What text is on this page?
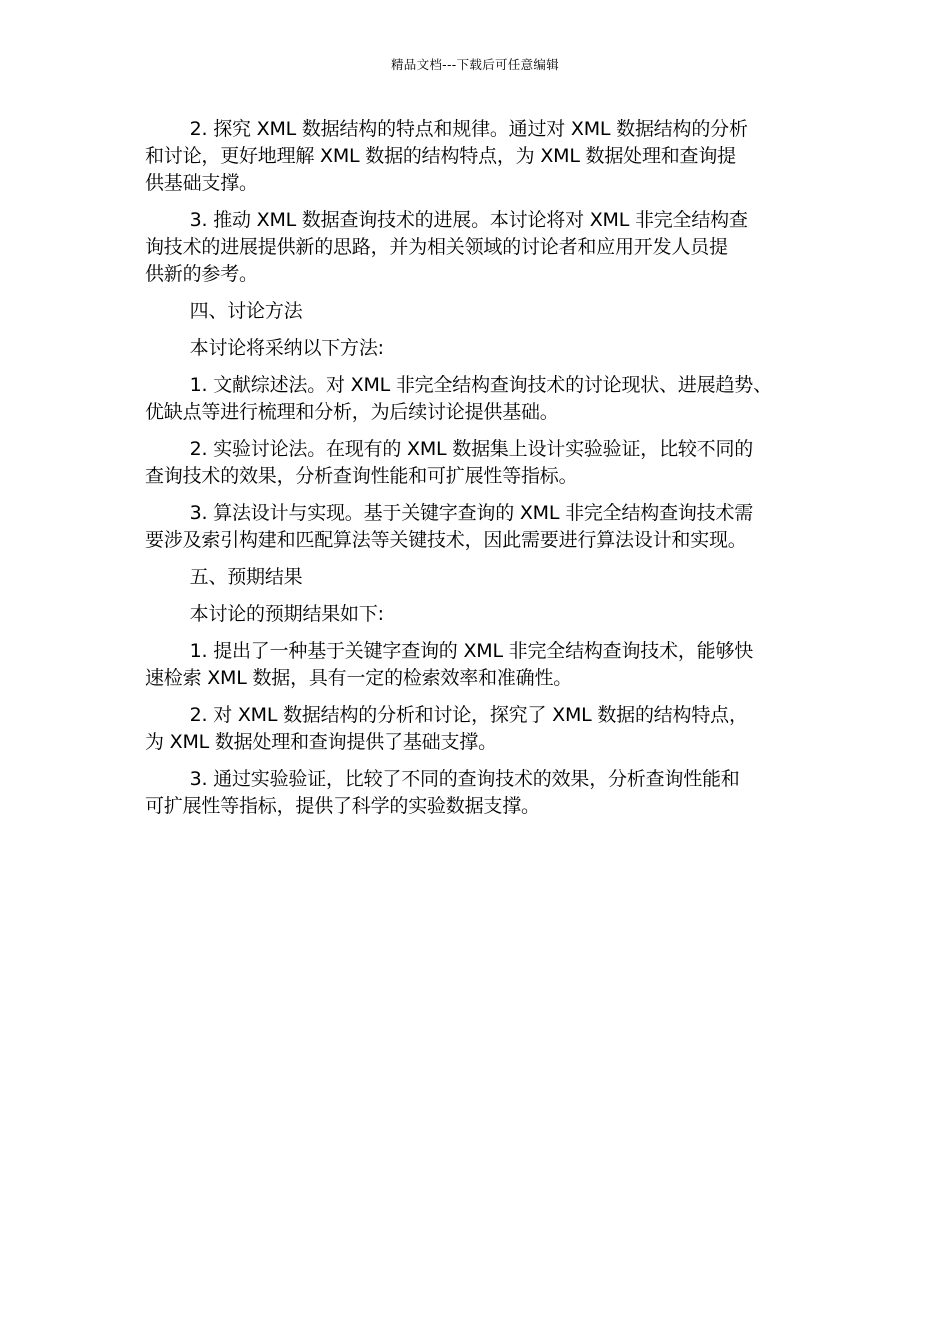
精品文档---下载后可任意编辑

2. 探究 XML 数据结构的特点和规律。通过对 XML 数据结构的分析
和讨论，更好地理解 XML 数据的结构特点，为 XML 数据处理和查询提
供基础支撑。

3. 推动 XML 数据查询技术的进展。本讨论将对 XML 非完全结构查
询技术的进展提供新的思路，并为相关领域的讨论者和应用开发人员提
供新的参考。

四、讨论方法

本讨论将采纳以下方法:

1. 文献综述法。对 XML 非完全结构查询技术的讨论现状、进展趋势、
优缺点等进行梳理和分析，为后续讨论提供基础。

2. 实验讨论法。在现有的 XML 数据集上设计实验验证，比较不同的
查询技术的效果，分析查询性能和可扩展性等指标。

3. 算法设计与实现。基于关键字查询的 XML 非完全结构查询技术需
要涉及索引构建和匹配算法等关键技术，因此需要进行算法设计和实现。

五、预期结果

本讨论的预期结果如下:

1. 提出了一种基于关键字查询的 XML 非完全结构查询技术，能够快
速检索 XML 数据，具有一定的检索效率和准确性。

2. 对 XML 数据结构的分析和讨论，探究了 XML 数据的结构特点，
为 XML 数据处理和查询提供了基础支撑。

3. 通过实验验证，比较了不同的查询技术的效果，分析查询性能和
可扩展性等指标，提供了科学的实验数据支撑。
